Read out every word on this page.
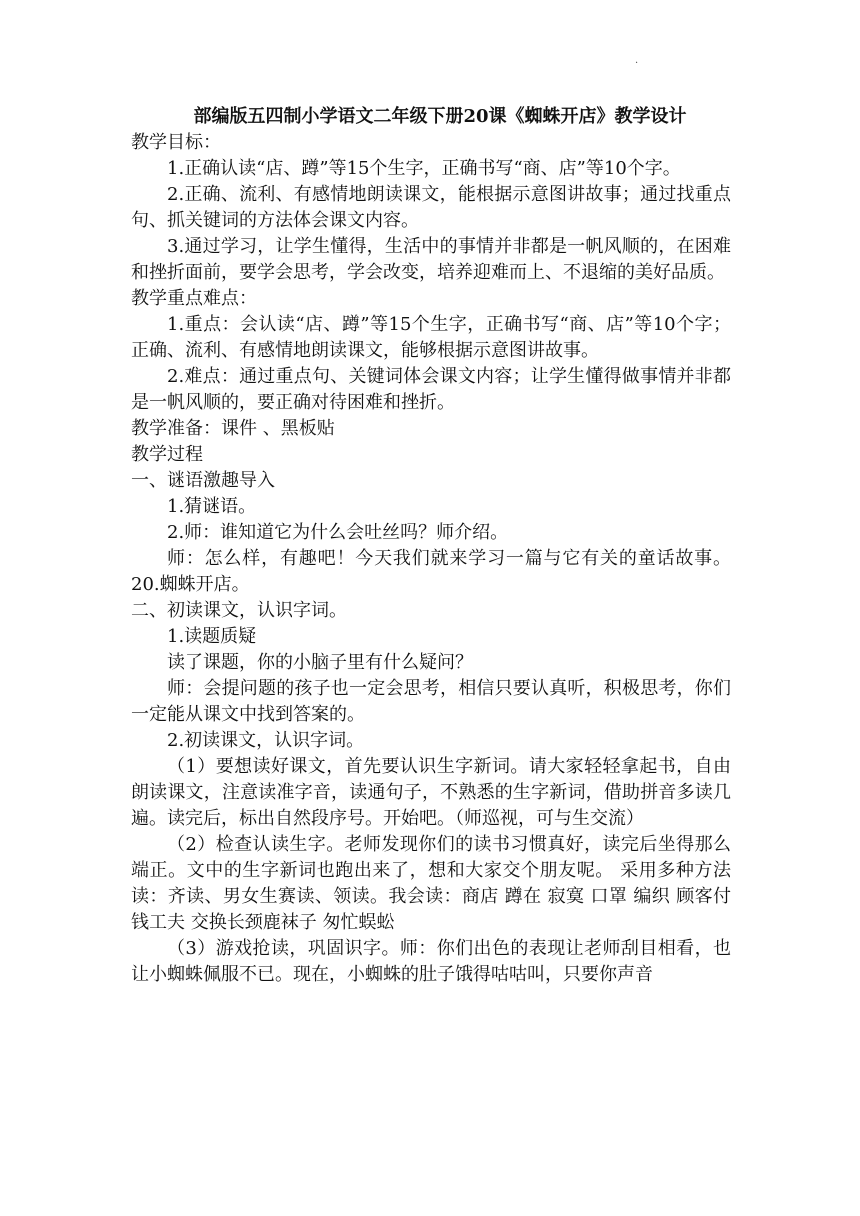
·
部编版五四制小学语文二年级下册20课《蜘蛛开店》教学设计

教学目标：

1.正确认读“店、蹲”等15个生字，正确书写“商、店”等10个字。

2.正确、流利、有感情地朗读课文，能根据示意图讲故事；通过找重点句、抓关键词的方法体会课文内容。

3.通过学习，让学生懂得，生活中的事情并非都是一帆风顺的，在困难和挫折面前，要学会思考，学会改变，培养迎难而上、不退缩的美好品质。

教学重点难点：

1.重点：会认读“店、蹲”等15个生字，正确书写“商、店”等10个字；正确、流利、有感情地朗读课文，能够根据示意图讲故事。

2.难点：通过重点句、关键词体会课文内容；让学生懂得做事情并非都是一帆风顺的，要正确对待困难和挫折。

教学准备：课件 、黑板贴

教学过程

一、谜语激趣导入

1.猜谜语。

2.师：谁知道它为什么会吐丝吗？师介绍。

师：怎么样，有趣吧！今天我们就来学习一篇与它有关的童话故事。20.蜘蛛开店。

二、初读课文，认识字词。

1.读题质疑

读了课题，你的小脑子里有什么疑问？

师：会提问题的孩子也一定会思考，相信只要认真听，积极思考，你们一定能从课文中找到答案的。

2.初读课文，认识字词。

（1）要想读好课文，首先要认识生字新词。请大家轻轻拿起书，自由朗读课文，注意读准字音，读通句子，不熟悉的生字新词，借助拼音多读几遍。读完后，标出自然段序号。开始吧。（师巡视，可与生交流）

（2）检查认读生字。老师发现你们的读书习惯真好，读完后坐得那么端正。文中的生字新词也跑出来了，想和大家交个朋友呢。 采用多种方法读：齐读、男女生赛读、领读。我会读：商店 蹲在 寂寞 口罩 编织 顾客付钱工夫 交换长颈鹿袜子 匆忙蜈蚣

（3）游戏抢读，巩固识字。师：你们出色的表现让老师刮目相看，也让小蜘蛛佩服不已。现在，小蜘蛛的肚子饿得咕咕叫，只要你声音
